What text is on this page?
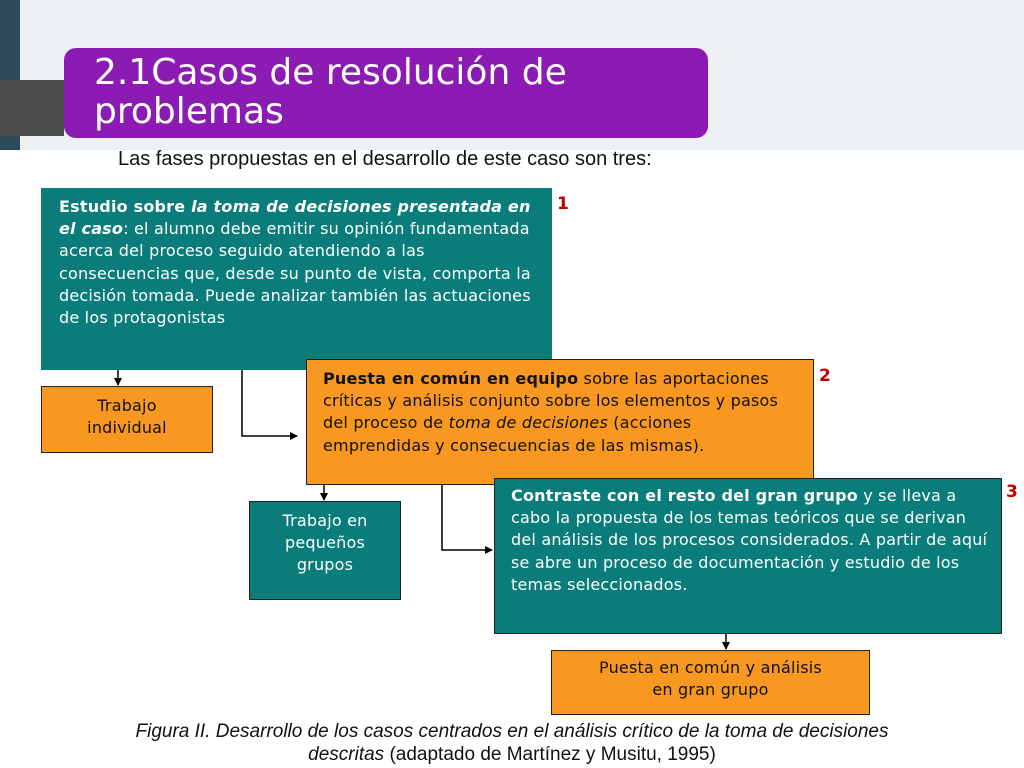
2.1Casos de resolución de
problemas
Las fases propuestas en el desarrollo de este caso son tres:
Estudio sobre la toma de decisiones presentada en el caso: el alumno debe emitir su opinión fundamentada acerca del proceso seguido atendiendo a las consecuencias que, desde su punto de vista, comporta la decisión tomada. Puede analizar también las actuaciones de los protagonistas
1
Trabajo individual
Puesta en común en equipo sobre las aportaciones críticas y análisis conjunto sobre los elementos y pasos del proceso de toma de decisiones (acciones emprendidas y consecuencias de las mismas).
2
Trabajo en pequeños grupos
Contraste con el resto del gran grupo y se lleva a cabo la propuesta de los temas teóricos que se derivan del análisis de los procesos considerados. A partir de aquí se abre un proceso de documentación y estudio de los temas seleccionados.
3
Puesta en común y análisis en gran grupo
Figura II. Desarrollo de los casos centrados en el análisis crítico de la toma de decisiones
descritas (adaptado de Martínez y Musitu, 1995)
